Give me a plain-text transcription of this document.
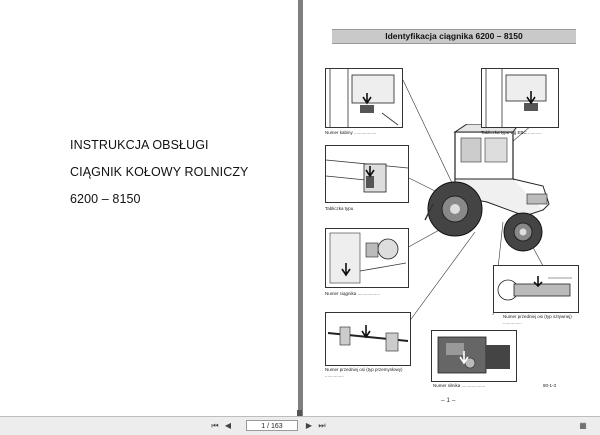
INSTRUKCJA OBSŁUGI

CIĄGNIK KOŁOWY ROLNICZY

6200 – 8150

Identyfikacja ciągnika 6200 – 8150
Numer kabiny ..................	Tabliczka typu wg EBC ...........
Tabliczka typu
Numer ciągnika ..................
Numer przedniej osi (typ przemysłowy) ...............
Numer przedniej osi (typ sztywnej) ...............
Numer silnika ...................
– 1 –
80-1-3
⏮ ◀	1 / 163	▶ ⏭	▦
